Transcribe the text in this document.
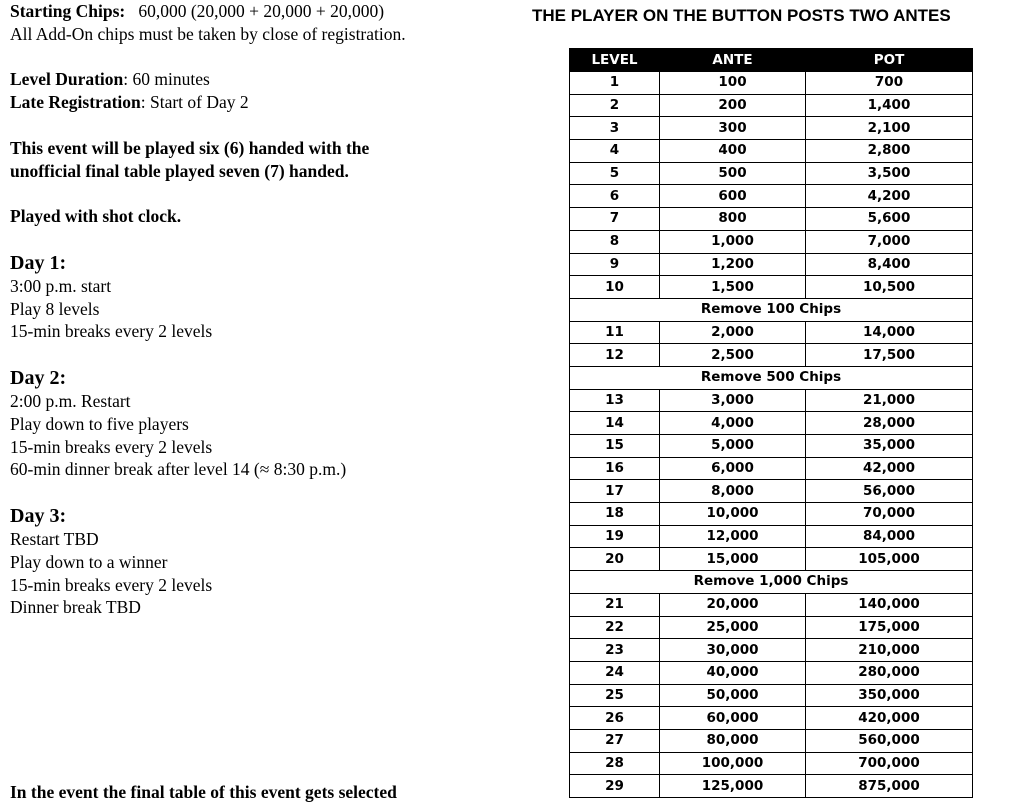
Starting Chips: 60,000 (20,000 + 20,000 + 20,000)

All Add-On chips must be taken by close of registration.

Level Duration: 60 minutes

Late Registration: Start of Day 2

This event will be played six (6) handed with the

unofficial final table played seven (7) handed.

Played with shot clock.

Day 1:

3:00 p.m. start

Play 8 levels

15-min breaks every 2 levels

Day 2:

2:00 p.m. Restart

Play down to five players

15-min breaks every 2 levels

60-min dinner break after level 14 (≈ 8:30 p.m.)

Day 3:

Restart TBD

Play down to a winner

15-min breaks every 2 levels

Dinner break TBD

In the event the final table of this event gets selected
THE PLAYER ON THE BUTTON POSTS TWO ANTES
LEVEL	ANTE	POT
1	100	700
2	200	1,400
3	300	2,100
4	400	2,800
5	500	3,500
6	600	4,200
7	800	5,600
8	1,000	7,000
9	1,200	8,400
10	1,500	10,500
Remove 100 Chips		
11	2,000	14,000
12	2,500	17,500
Remove 500 Chips		
13	3,000	21,000
14	4,000	28,000
15	5,000	35,000
16	6,000	42,000
17	8,000	56,000
18	10,000	70,000
19	12,000	84,000
20	15,000	105,000
Remove 1,000 Chips		
21	20,000	140,000
22	25,000	175,000
23	30,000	210,000
24	40,000	280,000
25	50,000	350,000
26	60,000	420,000
27	80,000	560,000
28	100,000	700,000
29	125,000	875,000
